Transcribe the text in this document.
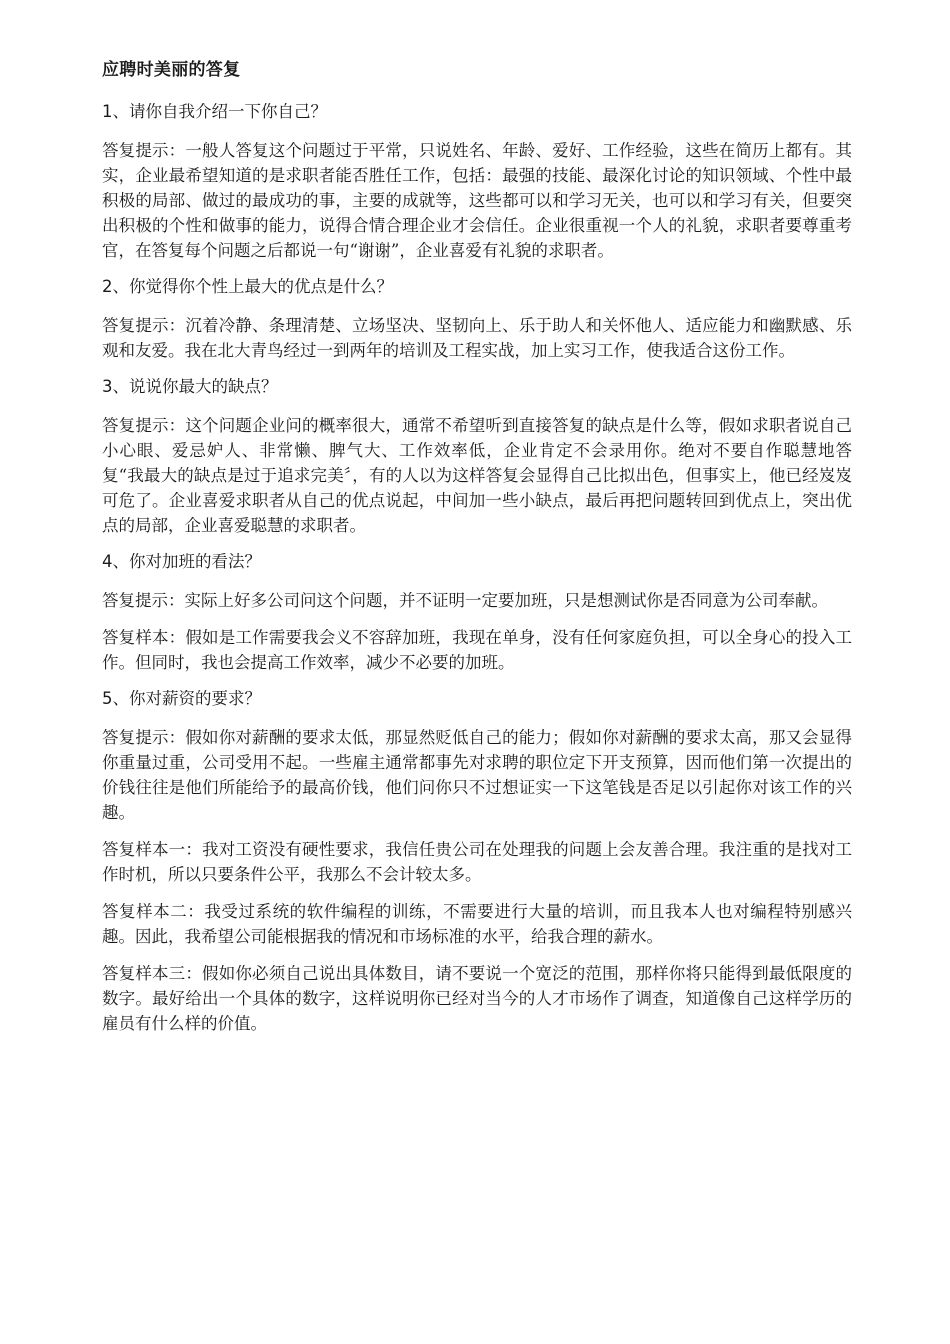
应聘时美丽的答复
1、请你自我介绍一下你自己？

答复提示：一般人答复这个问题过于平常，只说姓名、年龄、爱好、工作经验，这些在简历上都有。其实，企业最希望知道的是求职者能否胜任工作，包括：最强的技能、最深化讨论的知识领域、个性中最积极的局部、做过的最成功的事，主要的成就等，这些都可以和学习无关，也可以和学习有关，但要突出积极的个性和做事的能力，说得合情合理企业才会信任。企业很重视一个人的礼貌，求职者要尊重考官，在答复每个问题之后都说一句“谢谢”，企业喜爱有礼貌的求职者。

2、你觉得你个性上最大的优点是什么？

答复提示：沉着冷静、条理清楚、立场坚决、坚韧向上、乐于助人和关怀他人、适应能力和幽默感、乐观和友爱。我在北大青鸟经过一到两年的培训及工程实战，加上实习工作，使我适合这份工作。

3、说说你最大的缺点？

答复提示：这个问题企业问的概率很大，通常不希望听到直接答复的缺点是什么等，假如求职者说自己小心眼、爱忌妒人、非常懒、脾气大、工作效率低，企业肯定不会录用你。绝对不要自作聪慧地答复“我最大的缺点是过于追求完美〞，有的人以为这样答复会显得自己比拟出色，但事实上，他已经岌岌可危了。企业喜爱求职者从自己的优点说起，中间加一些小缺点，最后再把问题转回到优点上，突出优点的局部，企业喜爱聪慧的求职者。

4、你对加班的看法？

答复提示：实际上好多公司问这个问题，并不证明一定要加班，只是想测试你是否同意为公司奉献。

答复样本：假如是工作需要我会义不容辞加班，我现在单身，没有任何家庭负担，可以全身心的投入工作。但同时，我也会提高工作效率，减少不必要的加班。

5、你对薪资的要求？

答复提示：假如你对薪酬的要求太低，那显然贬低自己的能力；假如你对薪酬的要求太高，那又会显得你重量过重，公司受用不起。一些雇主通常都事先对求聘的职位定下开支预算，因而他们第一次提出的价钱往往是他们所能给予的最高价钱，他们问你只不过想证实一下这笔钱是否足以引起你对该工作的兴趣。

答复样本一：我对工资没有硬性要求，我信任贵公司在处理我的问题上会友善合理。我注重的是找对工作时机，所以只要条件公平，我那么不会计较太多。

答复样本二：我受过系统的软件编程的训练，不需要进行大量的培训，而且我本人也对编程特别感兴趣。因此，我希望公司能根据我的情况和市场标准的水平，给我合理的薪水。

答复样本三：假如你必须自己说出具体数目，请不要说一个宽泛的范围，那样你将只能得到最低限度的数字。最好给出一个具体的数字，这样说明你已经对当今的人才市场作了调查，知道像自己这样学历的雇员有什么样的价值。
